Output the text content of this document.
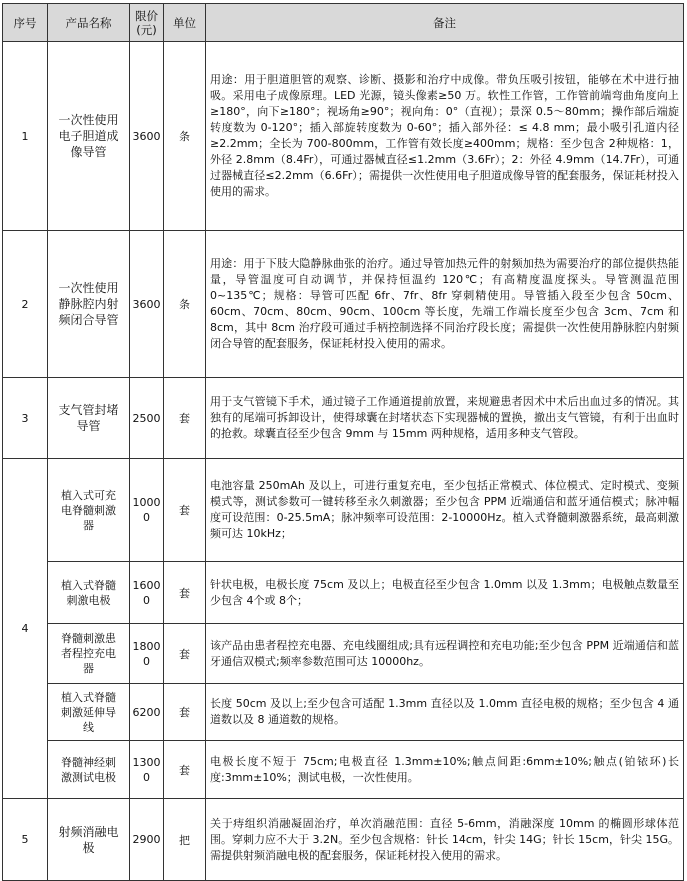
序号	产品名称	限价(元)	单位	备注
1	一次性使用电子胆道成像导管	3600	条	用途：用于胆道胆管的观察、诊断、摄影和治疗中成像。带负压吸引按钮，能够在术中进行抽吸。采用电子成像原理。LED 光源，镜头像素≥50 万。软性工作管，工作管前端弯曲角度向上≥180°，向下≥180°；视场角≥90°；视向角：0°（直视）；景深 0.5～80mm；操作部后端旋转度数为 0-120°；插入部旋转度数为 0-60°；插入部外径：≤ 4.8 mm；最小吸引孔道内径≥2.2mm；全长为 700-800mm，工作管有效长度≥400mm；规格：至少包含 2种规格：1，外径 2.8mm（8.4Fr），可通过器械直径≤1.2mm（3.6Fr）；2：外径 4.9mm（14.7Fr），可通过器械直径≤2.2mm（6.6Fr）；需提供一次性使用电子胆道成像导管的配套服务，保证耗材投入使用的需求。
2	一次性使用静脉腔内射频闭合导管	3600	条	用途：用于下肢大隐静脉曲张的治疗。通过导管加热元件的射频加热为需要治疗的部位提供热能量，导管温度可自动调节，并保持恒温约 120℃；有高精度温度探头。导管测温范围 0~135℃；规格：导管可匹配 6fr、7fr、8fr 穿刺精使用。导管插入段至少包含 50cm、60cm、70cm、80cm、90cm、100cm 等长度，先端工作端长度至少包含 3cm、7cm 和 8cm，其中 8cm 治疗段可通过手柄控制选择不同治疗段长度；需提供一次性使用静脉腔内射频闭合导管的配套服务，保证耗材投入使用的需求。
3	支气管封堵导管	2500	套	用于支气管镜下手术，通过镜子工作通道提前放置，来规避患者因术中术后出血过多的情况。其独有的尾端可拆卸设计，使得球囊在封堵状态下实现器械的置换，撤出支气管镜，有利于出血时的抢救。球囊直径至少包含 9mm 与 15mm 两种规格，适用多种支气管段。
4	植入式可充电脊髓刺激器	10000	套	电池容量 250mAh 及以上，可进行重复充电，至少包括正常模式、体位模式、定时模式、变频模式等，测试参数可一键转移至永久刺激器；至少包含 PPM 近端通信和蓝牙通信模式；脉冲幅度可设范围：0-25.5mA；脉冲频率可设范围：2-10000Hz。植入式脊髓刺激器系统，最高刺激频可达 10kHz；
	植入式脊髓刺激电极	16000	套	针状电极，电极长度 75cm 及以上；电极直径至少包含 1.0mm 以及 1.3mm；电极触点数量至少包含 4个或 8个；
	脊髓刺激患者程控充电器	18000	套	该产品由患者程控充电器、充电线圈组成;具有远程调控和充电功能;至少包含 PPM 近端通信和蓝牙通信双模式;频率参数范围可达 10000hz。
	植入式脊髓刺激延伸导线	6200	套	长度 50cm 及以上;至少包含可适配 1.3mm 直径以及 1.0mm 直径电极的规格；至少包含 4 通道数以及 8 通道数的规格。
	脊髓神经刺激测试电极	13000	套	电极长度不短于 75cm;电极直径 1.3mm±10%;触点间距:6mm±10%;触点(铂铱环)长度:3mm±10%；测试电极，一次性使用。
5	射频消融电极	2900	把	关于痔组织消融凝固治疗，单次消融范围：直径 5-6mm，消融深度 10mm 的椭圆形球体范围。穿刺力应不大于 3.2N。至少包含规格：针长 14cm，针尖 14G；针长 15cm，针尖 15G。需提供射频消融电极的配套服务，保证耗材投入使用的需求。
